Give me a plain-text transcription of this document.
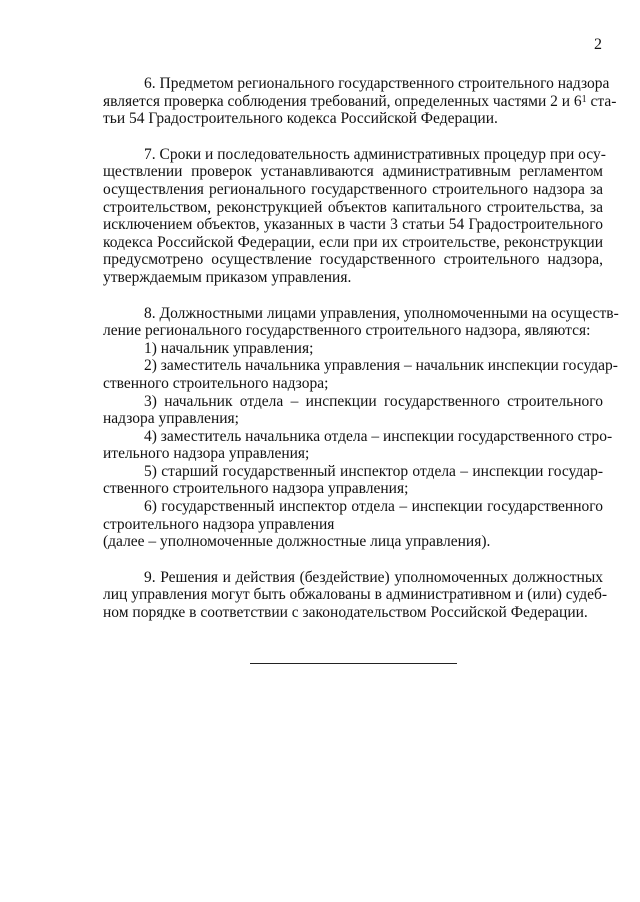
2
6. Предметом регионального государственного строительного надзора
является проверка соблюдения требований, определенных частями 2 и $6^1$ ста-
тьи 54 Градостроительного кодекса Российской Федерации.
7. Сроки и последовательность административных процедур при осу-
ществлении проверок устанавливаются административным регламентом
осуществления регионального государственного строительного надзора за
строительством, реконструкцией объектов капитального строительства, за
исключением объектов, указанных в части 3 статьи 54 Градостроительного
кодекса Российской Федерации, если при их строительстве, реконструкции
предусмотрено осуществление государственного строительного надзора,
утверждаемым приказом управления.
8. Должностными лицами управления, уполномоченными на осуществ-
ление регионального государственного строительного надзора, являются:
1) начальник управления;
2) заместитель начальника управления – начальник инспекции государ-
ственного строительного надзора;
3) начальник отдела – инспекции государственного строительного
надзора управления;
4) заместитель начальника отдела – инспекции государственного стро-
ительного надзора управления;
5) старший государственный инспектор отдела – инспекции государ-
ственного строительного надзора управления;
6) государственный инспектор отдела – инспекции государственного
строительного надзора управления
(далее – уполномоченные должностные лица управления).
9. Решения и действия (бездействие) уполномоченных должностных
лиц управления могут быть обжалованы в административном и (или) судеб-
ном порядке в соответствии с законодательством Российской Федерации.
